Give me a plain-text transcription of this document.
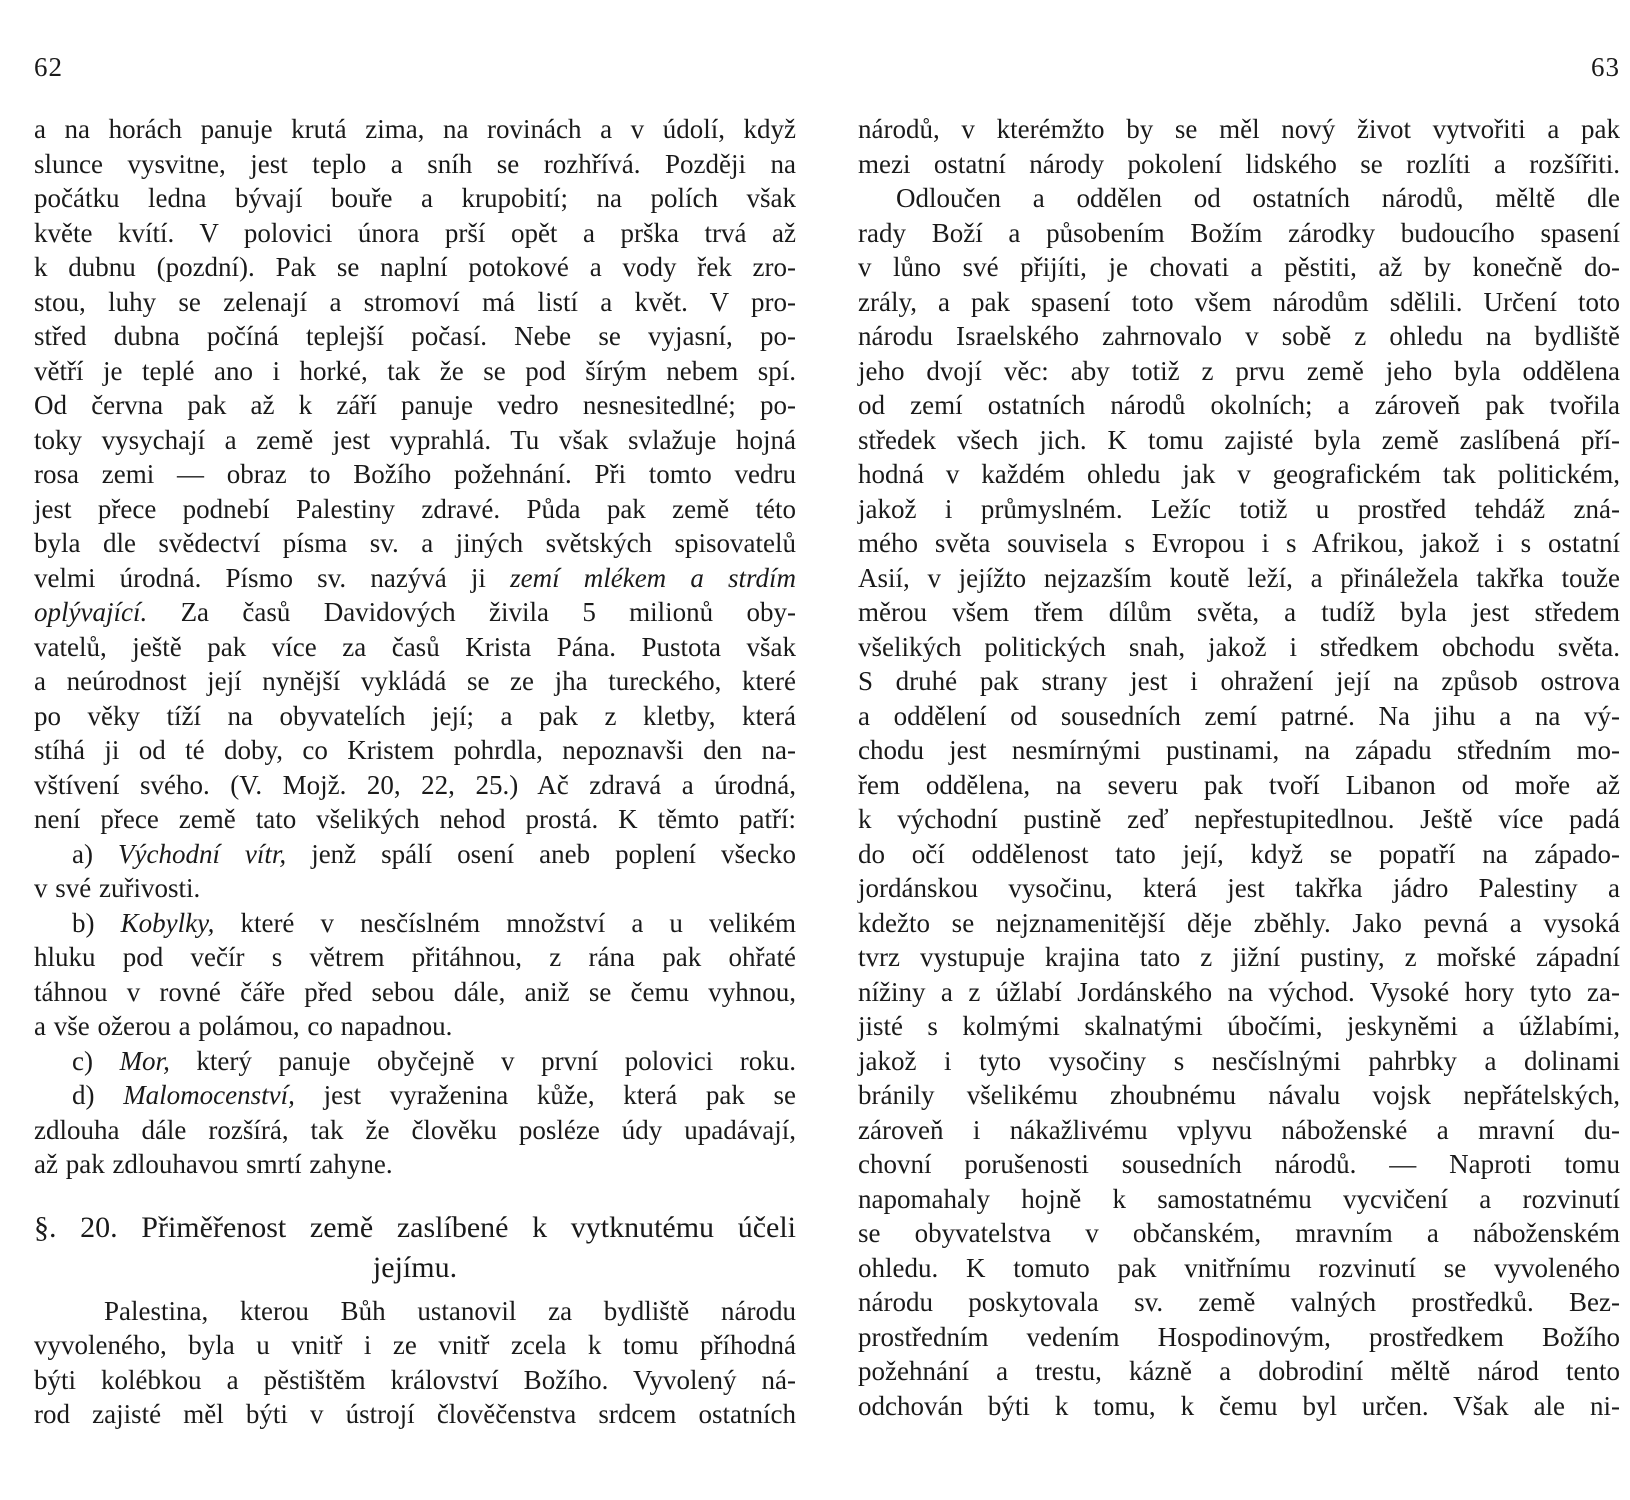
62
a na horách panuje krutá zima, na rovinách a v údolí, když
slunce vysvitne, jest teplo a sníh se rozhřívá. Později na
počátku ledna bývají bouře a krupobití; na polích však
květe kvítí. V polovici února prší opět a prška trvá až
k dubnu (pozdní). Pak se naplní potokové a vody řek zro-
stou, luhy se zelenají a stromoví má listí a květ. V pro-
střed dubna počíná teplejší počasí. Nebe se vyjasní, po-
větří je teplé ano i horké, tak že se pod šírým nebem spí.
Od června pak až k září panuje vedro nesnesitedlné; po-
toky vysychají a země jest vyprahlá. Tu však svlažuje hojná
rosa zemi — obraz to Božího požehnání. Při tomto vedru
jest přece podnebí Palestiny zdravé. Půda pak země této
byla dle svědectví písma sv. a jiných světských spisovatelů
velmi úrodná. Písmo sv. nazývá ji zemí mlékem a strdím
oplývající. Za časů Davidových živila 5 milionů oby-
vatelů, ještě pak více za časů Krista Pána. Pustota však
a neúrodnost její nynější vykládá se ze jha tureckého, které
po věky tíží na obyvatelích její; a pak z kletby, která
stíhá ji od té doby, co Kristem pohrdla, nepoznavši den na-
vštívení svého. (V. Mojž. 20, 22, 25.) Ač zdravá a úrodná,
není přece země tato všelikých nehod prostá. K těmto patří:
a) Východní vítr, jenž spálí osení aneb poplení všecko
v své zuřivosti.
b) Kobylky, které v nesčíslném množství a u velikém
hluku pod večír s větrem přitáhnou, z rána pak ohřaté
táhnou v rovné čáře před sebou dále, aniž se čemu vyhnou,
a vše ožerou a polámou, co napadnou.
c) Mor, který panuje obyčejně v první polovici roku.
d) Malomocenství, jest vyraženina kůže, která pak se
zdlouha dále rozšírá, tak že člověku posléze údy upadávají,
až pak zdlouhavou smrtí zahyne.
§. 20. Přiměřenost země zaslíbené k vytknutému účeli
jejímu.
Palestina, kterou Bůh ustanovil za bydliště národu
vyvoleného, byla u vnitř i ze vnitř zcela k tomu příhodná
býti kolébkou a pěstištěm království Božího. Vyvolený ná-
rod zajisté měl býti v ústrojí člověčenstva srdcem ostatních
63
národů, v kterémžto by se měl nový život vytvořiti a pak
mezi ostatní národy pokolení lidského se rozlíti a rozšířiti.
Odloučen a oddělen od ostatních národů, měltě dle
rady Boží a působením Božím zárodky budoucího spasení
v lůno své přijíti, je chovati a pěstiti, až by konečně do-
zrály, a pak spasení toto všem národům sdělili. Určení toto
národu Israelského zahrnovalo v sobě z ohledu na bydliště
jeho dvojí věc: aby totiž z prvu země jeho byla oddělena
od zemí ostatních národů okolních; a zároveň pak tvořila
středek všech jich. K tomu zajisté byla země zaslíbená pří-
hodná v každém ohledu jak v geografickém tak politickém,
jakož i průmyslném. Ležíc totiž u prostřed tehdáž zná-
mého světa souvisela s Evropou i s Afrikou, jakož i s ostatní
Asií, v jejížto nejzazším koutě leží, a přináležela takřka touže
měrou všem třem dílům světa, a tudíž byla jest středem
všelikých politických snah, jakož i středkem obchodu světa.
S druhé pak strany jest i ohražení její na způsob ostrova
a oddělení od sousedních zemí patrné. Na jihu a na vý-
chodu jest nesmírnými pustinami, na západu středním mo-
řem oddělena, na severu pak tvoří Libanon od moře až
k východní pustině zeď nepřestupitedlnou. Ještě více padá
do očí oddělenost tato její, když se popatří na západo-
jordánskou vysočinu, která jest takřka jádro Palestiny a
kdežto se nejznamenitější děje zběhly. Jako pevná a vysoká
tvrz vystupuje krajina tato z jižní pustiny, z mořské západní
nížiny a z úžlabí Jordánského na východ. Vysoké hory tyto za-
jisté s kolmými skalnatými úbočími, jeskyněmi a úžlabími,
jakož i tyto vysočiny s nesčíslnými pahrbky a dolinami
bránily všelikému zhoubnému návalu vojsk nepřátelských,
zároveň i nákažlivému vplyvu náboženské a mravní du-
chovní porušenosti sousedních národů. — Naproti tomu
napomahaly hojně k samostatnému vycvičení a rozvinutí
se obyvatelstva v občanském, mravním a náboženském
ohledu. K tomuto pak vnitřnímu rozvinutí se vyvoleného
národu poskytovala sv. země valných prostředků. Bez-
prostředním vedením Hospodinovým, prostředkem Božího
požehnání a trestu, kázně a dobrodiní měltě národ tento
odchován býti k tomu, k čemu byl určen. Však ale ni-
